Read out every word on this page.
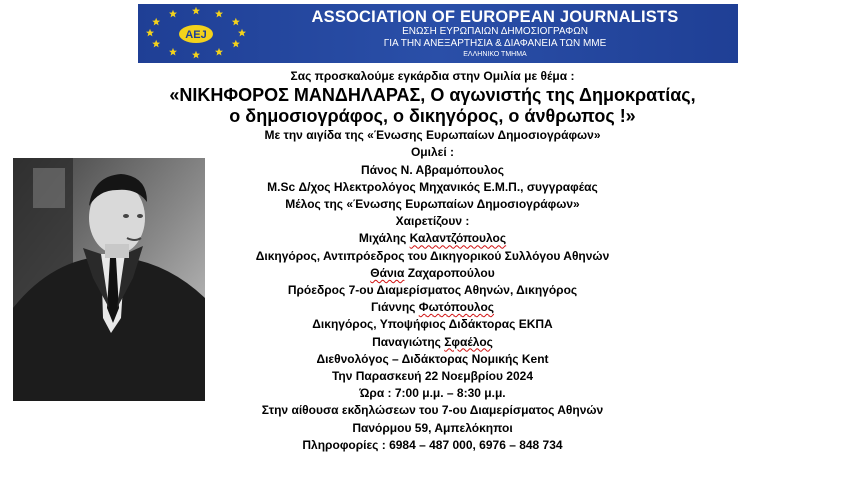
AEJ
ASSOCIATION OF EUROPEAN JOURNALISTS
ΕΝΩΣΗ ΕΥΡΩΠΑΙΩΝ ΔΗΜΟΣΙΟΓΡΑΦΩΝ
ΓΙΑ ΤΗΝ ΑΝΕΞΑΡΤΗΣΙΑ & ΔΙΑΦΑΝΕΙΑ ΤΩΝ ΜΜΕ
ΕΛΛΗΝΙΚΟ ΤΜΗΜΑ
Σας προσκαλούμε εγκάρδια στην Ομιλία με θέμα :
«ΝΙΚΗΦΟΡΟΣ ΜΑΝΔΗΛΑΡΑΣ, Ο αγωνιστής της Δημοκρατίας,
ο δημοσιογράφος, ο δικηγόρος, ο άνθρωπος !»
Με την αιγίδα της «Ένωσης Ευρωπαίων Δημοσιογράφων»
Ομιλεί :
Πάνος Ν. Αβραμόπουλος
M.Sc Δ/χος Ηλεκτρολόγος Μηχανικός Ε.Μ.Π., συγγραφέας
Μέλος της «Ένωσης Ευρωπαίων Δημοσιογράφων»
Χαιρετίζουν :
Μιχάλης Καλαντζόπουλος
Δικηγόρος, Αντιπρόεδρος του Δικηγορικού Συλλόγου Αθηνών
Θάνια Ζαχαροπούλου
Πρόεδρος 7-ου Διαμερίσματος Αθηνών, Δικηγόρος
Γιάννης Φωτόπουλος
Δικηγόρος, Υποψήφιος Διδάκτορας ΕΚΠΑ
Παναγιώτης Σφαέλος
Διεθνολόγος – Διδάκτορας Νομικής Kent
Την Παρασκευή 22 Νοεμβρίου 2024
Ώρα : 7:00 μ.μ. – 8:30 μ.μ.
Στην αίθουσα εκδηλώσεων του 7-ου Διαμερίσματος Αθηνών
Πανόρμου 59, Αμπελόκηποι
Πληροφορίες : 6984 – 487 000, 6976 – 848 734
